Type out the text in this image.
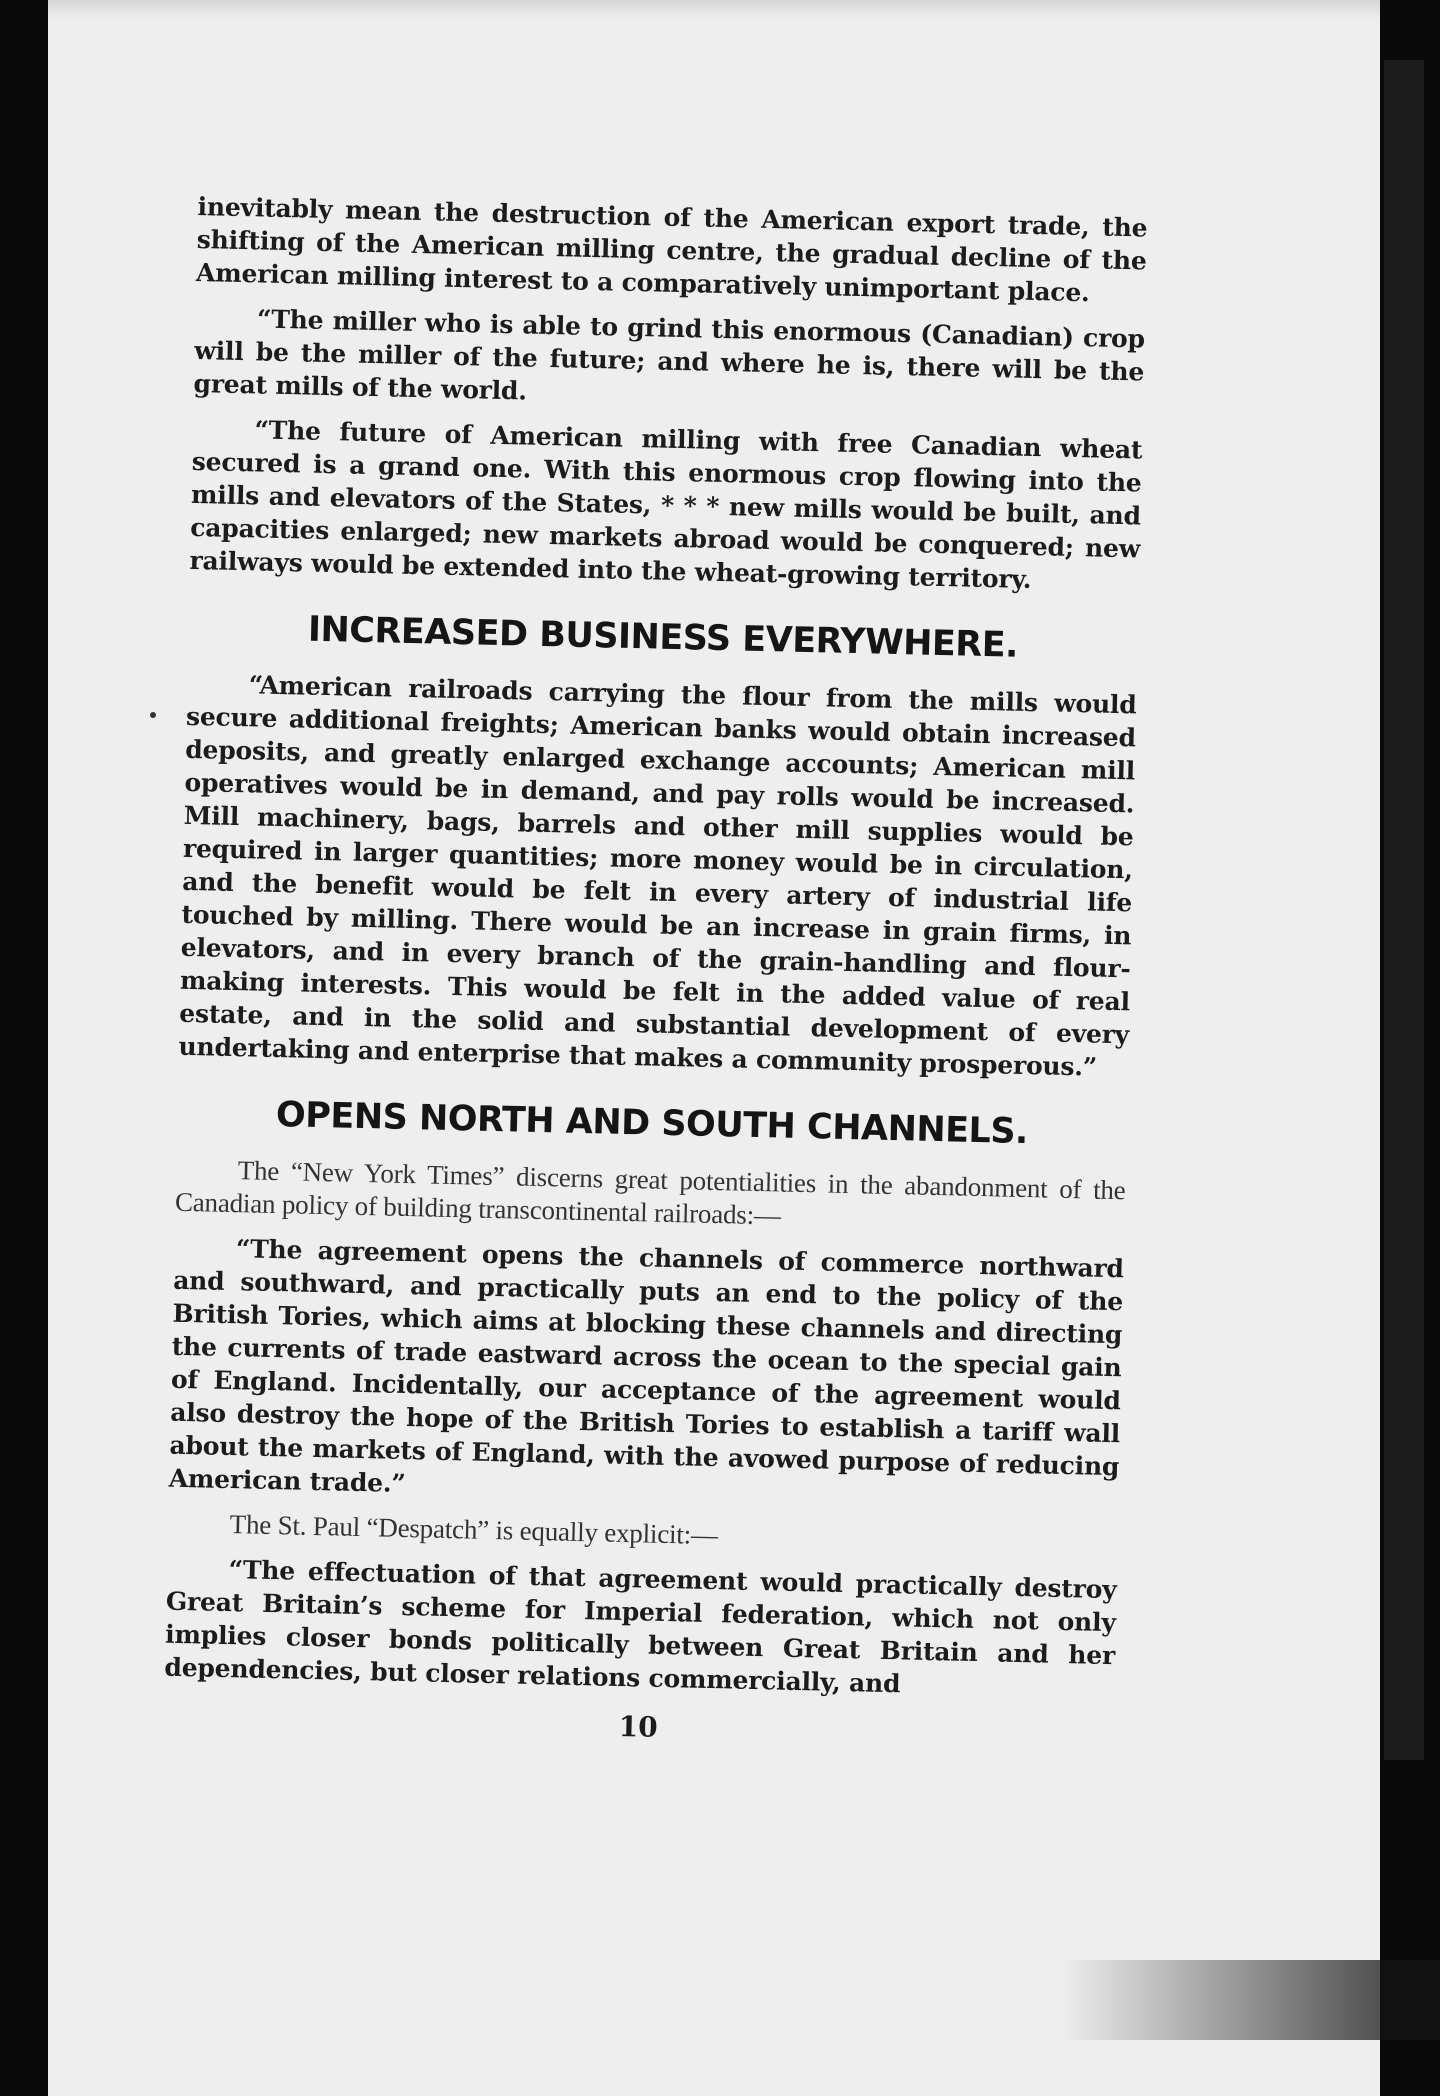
inevitably mean the destruction of the American export trade, the shifting of the American milling centre, the gradual decline of the American milling interest to a comparatively unimportant place.

“The miller who is able to grind this enormous (Canadian) crop will be the miller of the future; and where he is, there will be the great mills of the world.

“The future of American milling with free Canadian wheat secured is a grand one. With this enormous crop flowing into the mills and elevators of the States, * * * new mills would be built, and capacities enlarged; new markets abroad would be conquered; new railways would be extended into the wheat-growing territory.

INCREASED BUSINESS EVERYWHERE.

“American railroads carrying the flour from the mills would secure additional freights; American banks would obtain increased deposits, and greatly enlarged exchange accounts; American mill operatives would be in demand, and pay rolls would be increased. Mill machinery, bags, barrels and other mill supplies would be required in larger quantities; more money would be in circulation, and the benefit would be felt in every artery of industrial life touched by milling. There would be an increase in grain firms, in elevators, and in every branch of the grain-handling and flour-making interests. This would be felt in the added value of real estate, and in the solid and substantial development of every undertaking and enterprise that makes a community prosperous.”

OPENS NORTH AND SOUTH CHANNELS.

The “New York Times” discerns great potentialities in the abandonment of the Canadian policy of building transcontinental railroads:—

“The agreement opens the channels of commerce northward and southward, and practically puts an end to the policy of the British Tories, which aims at blocking these channels and directing the currents of trade eastward across the ocean to the special gain of England. Incidentally, our acceptance of the agreement would also destroy the hope of the British Tories to establish a tariff wall about the markets of England, with the avowed purpose of reducing American trade.”

The St. Paul “Despatch” is equally explicit:—

“The effectuation of that agreement would practically destroy Great Britain’s scheme for Imperial federation, which not only implies closer bonds politically between Great Britain and her dependencies, but closer relations commercially, and

10
